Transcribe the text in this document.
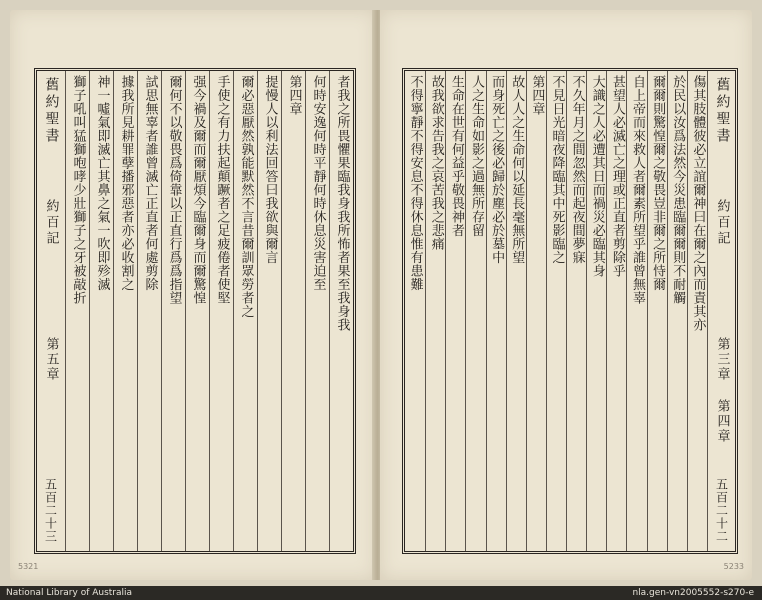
舊約聖書
約百記
第五章
五百二十三
者我之所畏懼果臨我身我所怖者果至我身我
何時安逸何時平靜何時休息災害迫至
第四章
提慢人以利法回答曰我欲與爾言
爾必惡厭然孰能默然不言昔爾訓眾勞者之
手使之有力扶起顛蹶者之足疲倦者使堅
强今禍及爾而爾厭煩今臨爾身而爾驚惶
爾何不以敬畏爲倚靠以正直行爲爲指望
試思無辜者誰曾滅亡正直者何處剪除
據我所見耕罪孽播邪惡者亦必收割之
神一噓氣即滅亡其鼻之氣一吹即殄滅
獅子吼叫猛獅咆哮少壯獅子之牙被敲折
5321
舊約聖書
約百記
第三章 第四章
五百二十二
傷其肢體彼必立誼爾神曰在爾之內而責其亦
於民以汝爲法然今災患臨爾爾則不耐觸
爾爾則驚惶爾之敬畏豈非爾之所恃爾
自上帝而來救人者爾素所望乎誰曾無辜
甚望人必滅亡之理或正直者剪除乎
大識之人必遭其日而禍災必臨其身
不久年月之間忽然而起夜間夢寐
不見日光暗夜降臨其中死影臨之
第四章
故人人之生命何以延長毫無所望
而身死亡之後必歸於塵必於墓中
人之生命如影之過無所存留
生命在世有何益乎敬畏神者
故我欲求告我之哀苦我之悲痛
不得寧靜不得安息不得休息惟有患難
5233
National Library of Australia	nla.gen-vn2005552-s270-e
